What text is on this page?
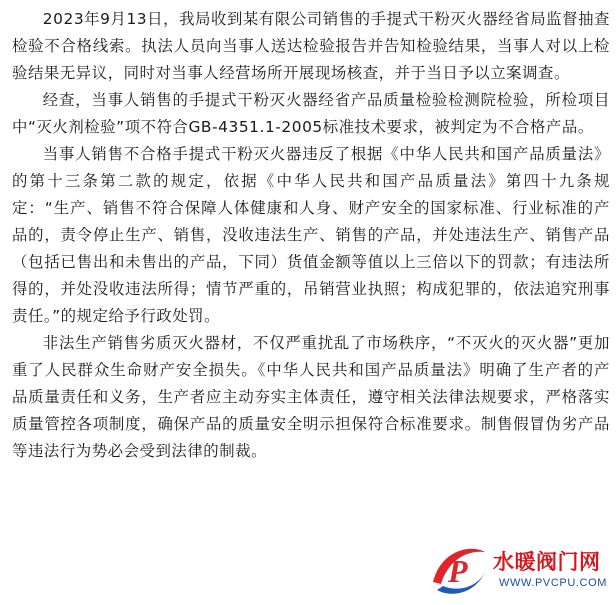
2023年9月13日，我局收到某有限公司销售的手提式干粉灭火器经省局监督抽查检验不合格线索。执法人员向当事人送达检验报告并告知检验结果，当事人对以上检验结果无异议，同时对当事人经营场所开展现场核查，并于当日予以立案调查。

经查，当事人销售的手提式干粉灭火器经省产品质量检验检测院检验，所检项目中“灭火剂检验”项不符合GB-4351.1-2005标准技术要求，被判定为不合格产品。

当事人销售不合格手提式干粉灭火器违反了根据《中华人民共和国产品质量法》的第十三条第二款的规定，依据《中华人民共和国产品质量法》第四十九条规定：“生产、销售不符合保障人体健康和人身、财产安全的国家标准、行业标准的产品的，责令停止生产、销售，没收违法生产、销售的产品，并处违法生产、销售产品（包括已售出和未售出的产品，下同）货值金额等值以上三倍以下的罚款；有违法所得的，并处没收违法所得；情节严重的，吊销营业执照；构成犯罪的，依法追究刑事责任。”的规定给予行政处罚。

非法生产销售劣质灭火器材，不仅严重扰乱了市场秩序，“不灭火的灭火器”更加重了人民群众生命财产安全损失。《中华人民共和国产品质量法》明确了生产者的产品质量责任和义务，生产者应主动夯实主体责任，遵守相关法律法规要求，严格落实质量管控各项制度，确保产品的质量安全明示担保符合标准要求。制售假冒伪劣产品等违法行为势必会受到法律的制裁。

P 水暖阀门网
WWW.PVCPU.COM
